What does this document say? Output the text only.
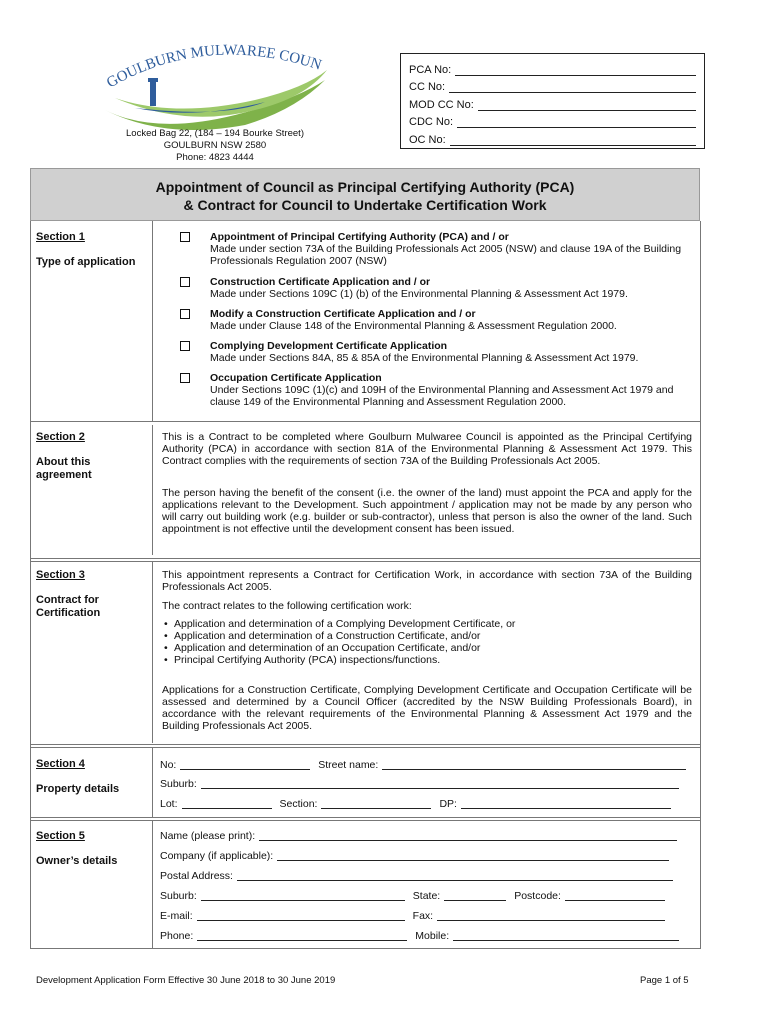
GOULBURN MULWAREE COUN
Locked Bag 22, (184 – 194 Bourke Street)
GOULBURN NSW 2580
Phone: 4823 4444
PCA No:
CC No:
MOD CC No:
CDC No:
OC No:
Appointment of Council as Principal Certifying Authority (PCA)
& Contract for Council to Undertake Certification Work
Section 1
Type of application
Appointment of Principal Certifying Authority (PCA) and / or
Made under section 73A of the Building Professionals Act 2005 (NSW) and clause 19A of the Building Professionals Regulation 2007 (NSW)
Construction Certificate Application and / or
Made under Sections 109C (1) (b) of the Environmental Planning & Assessment Act 1979.
Modify a Construction Certificate Application and / or
Made under Clause 148 of the Environmental Planning & Assessment Regulation 2000.
Complying Development Certificate Application
Made under Sections 84A, 85 & 85A of the Environmental Planning & Assessment Act 1979.
Occupation Certificate Application
Under Sections 109C (1)(c) and 109H of the Environmental Planning and Assessment Act 1979 and clause 149 of the Environmental Planning and Assessment Regulation 2000.
Section 2
About this agreement
This is a Contract to be completed where Goulburn Mulwaree Council is appointed as the Principal Certifying Authority (PCA) in accordance with section 81A of the Environmental Planning & Assessment Act 1979. This Contract complies with the requirements of section 73A of the Building Professionals Act 2005.
The person having the benefit of the consent (i.e. the owner of the land) must appoint the PCA and apply for the applications relevant to the Development. Such appointment / application may not be made by any person who will carry out building work (e.g. builder or sub-contractor), unless that person is also the owner of the land. Such appointment is not effective until the development consent has been issued.
Section 3
Contract for Certification
This appointment represents a Contract for Certification Work, in accordance with section 73A of the Building Professionals Act 2005.
The contract relates to the following certification work:
• Application and determination of a Complying Development Certificate, or
• Application and determination of a Construction Certificate, and/or
• Application and determination of an Occupation Certificate, and/or
• Principal Certifying Authority (PCA) inspections/functions.
Applications for a Construction Certificate, Complying Development Certificate and Occupation Certificate will be assessed and determined by a Council Officer (accredited by the NSW Building Professionals Board), in accordance with the relevant requirements of the Environmental Planning & Assessment Act 1979 and the Building Professionals Act 2005.
Section 4
Property details
No:	Street name:
Suburb:
Lot:	Section:	DP:
Section 5
Owner’s details
Name (please print):
Company (if applicable):
Postal Address:
Suburb:	State:	Postcode:
E-mail:	Fax:
Phone:	Mobile:
Development Application Form Effective 30 June 2018 to 30 June 2019	Page 1 of 5
